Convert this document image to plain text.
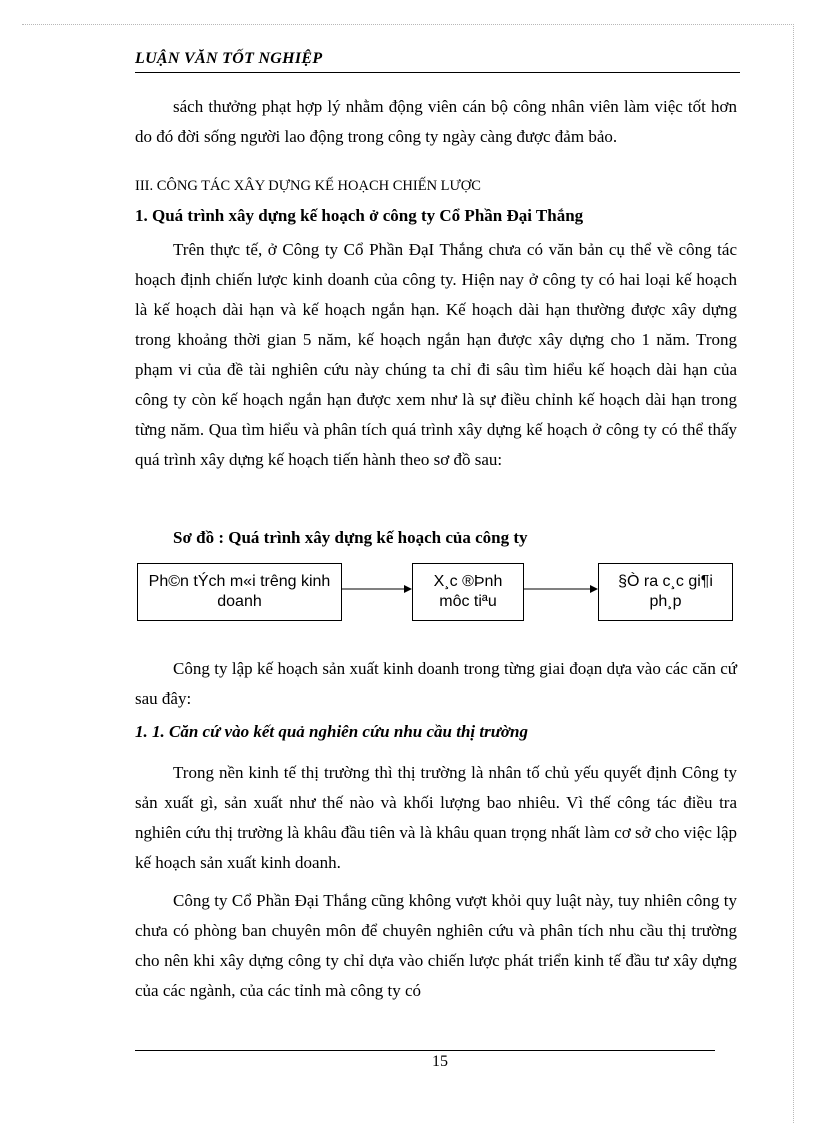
LUẬN VĂN TỐT NGHIỆP

sách thưởng phạt hợp lý nhằm động viên cán bộ công nhân viên làm việc tốt hơn do đó đời sống người lao động trong công ty ngày càng được đảm bảo.

III. CÔNG TÁC XÂY DỰNG KẾ HOẠCH CHIẾN LƯỢC

1. Quá trình xây dựng kế hoạch ở công ty Cổ Phần Đại Thắng

Trên thực tế, ở Công ty Cổ Phần ĐạI Thắng chưa có văn bản cụ thể về công tác hoạch định chiến lược kinh doanh của công ty. Hiện nay ở công ty có hai loại kế hoạch là kế hoạch dài hạn và kế hoạch ngắn hạn. Kế hoạch dài hạn thường được xây dựng trong khoảng thời gian 5 năm, kế hoạch ngắn hạn được xây dựng cho 1 năm. Trong phạm vi của đề tài nghiên cứu này chúng ta chỉ đi sâu tìm hiểu kế hoạch dài hạn của công ty còn kế hoạch ngắn hạn được xem như là sự điều chỉnh kế hoạch dài hạn trong từng năm. Qua tìm hiểu và phân tích quá trình xây dựng kế hoạch ở công ty có thể thấy quá trình xây dựng kế hoạch tiến hành theo sơ đồ sau:

Sơ đồ : Quá trình xây dựng kế hoạch của công ty

Ph©n tÝch m«i trêng kinh doanh
X¸c ®Þnh môc tiªu
§Ò ra c¸c gi¶i ph¸p

Công ty lập kế hoạch sản xuất kinh doanh trong từng giai đoạn dựa vào các căn cứ sau đây:

1. 1. Căn cứ vào kết quả nghiên cứu nhu cầu thị trường

Trong nền kinh tế thị trường thì thị trường là nhân tố chủ yếu quyết định Công ty sản xuất gì, sản xuất như thế nào và khối lượng bao nhiêu. Vì thế công tác điều tra nghiên cứu thị trường là khâu đầu tiên và là khâu quan trọng nhất làm cơ sở cho việc lập kế hoạch sản xuất kinh doanh.

Công ty Cổ Phần Đại Thắng cũng không vượt khỏi quy luật này, tuy nhiên công ty chưa có phòng ban chuyên môn để chuyên nghiên cứu và phân tích nhu cầu thị trường cho nên khi xây dựng công ty chỉ dựa vào chiến lược phát triển kinh tế đầu tư xây dựng của các ngành, của các tỉnh mà công ty có

15
